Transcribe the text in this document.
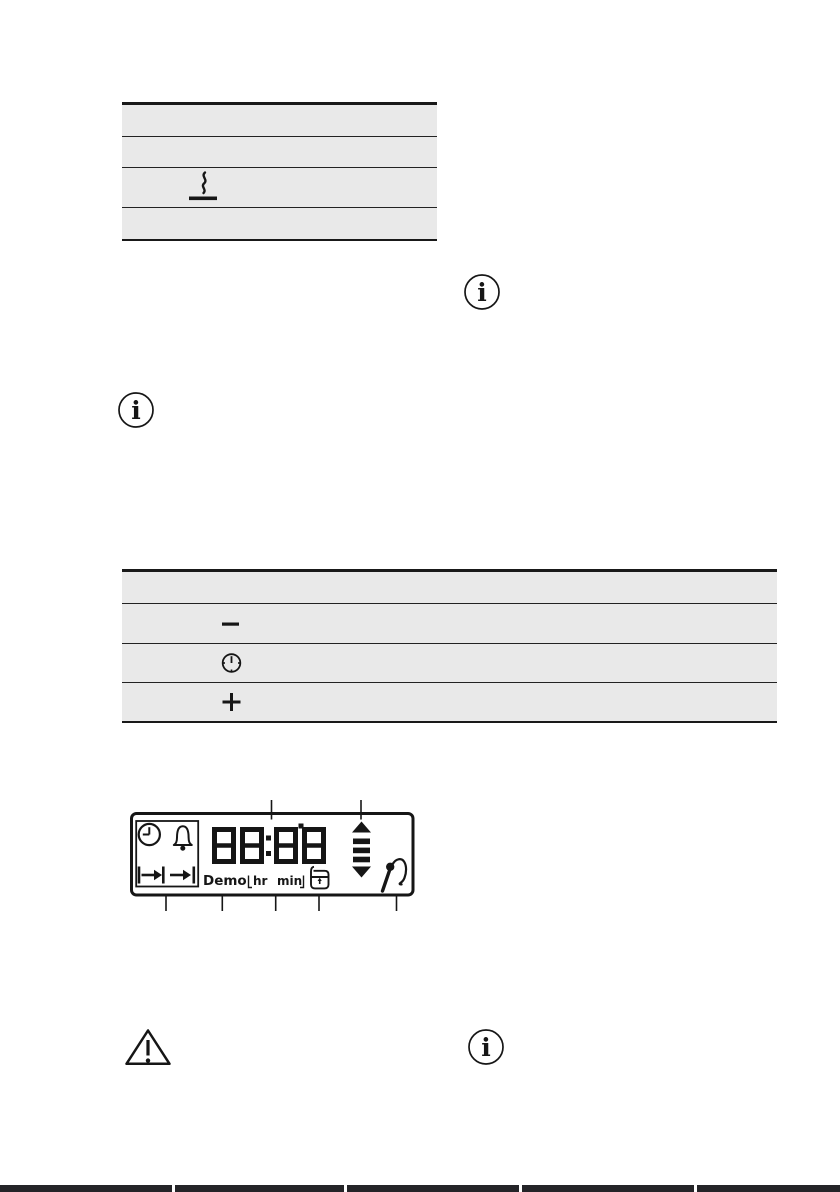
i
i
Demo hr min
i
